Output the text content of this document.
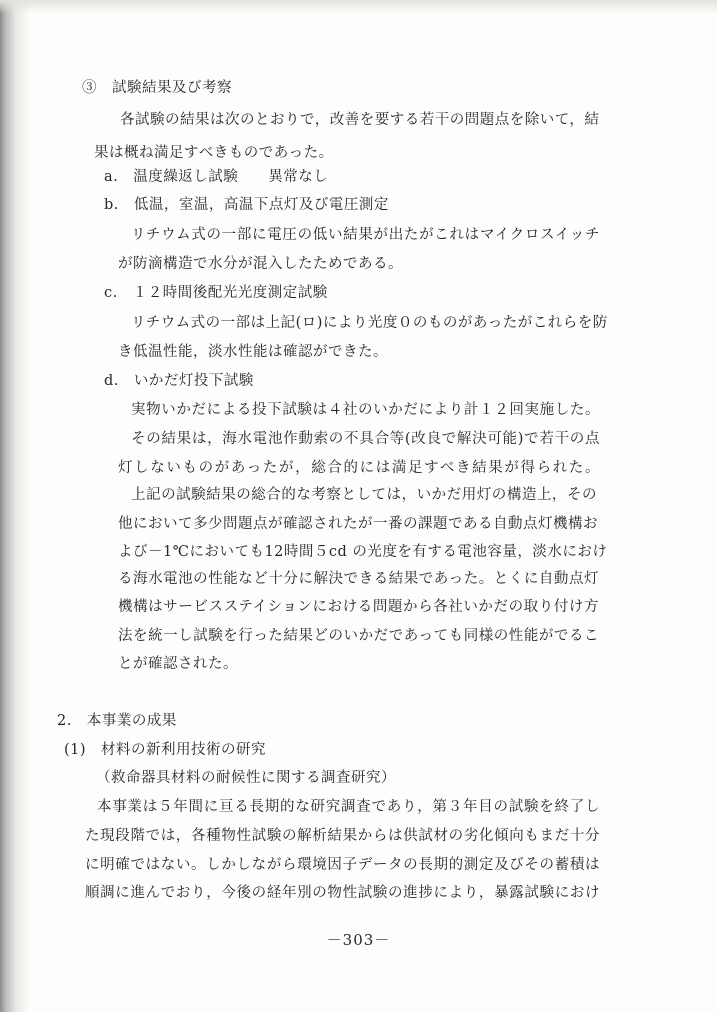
③　試験結果及び考察
各試験の結果は次のとおりで，改善を要する若干の問題点を除いて，結
果は概ね満足すべきものであった。
a.　温度繰返し試験　　異常なし
b.　低温，室温，高温下点灯及び電圧測定
リチウム式の一部に電圧の低い結果が出たがこれはマイクロスイッチ
が防滴構造で水分が混入したためである。
c.　１２時間後配光光度測定試験
リチウム式の一部は上記(ロ)により光度０のものがあったがこれらを防
き低温性能，淡水性能は確認ができた。
d.　いかだ灯投下試験
実物いかだによる投下試験は４社のいかだにより計１２回実施した。
その結果は，海水電池作動索の不具合等(改良で解決可能)で若干の点
灯しないものがあったが，総合的には満足すべき結果が得られた。
上記の試験結果の総合的な考察としては，いかだ用灯の構造上，その
他において多少問題点が確認されたが一番の課題である自動点灯機構お
よび－1℃においても12時間５cd の光度を有する電池容量，淡水におけ
る海水電池の性能など十分に解決できる結果であった。とくに自動点灯
機構はサービスステイションにおける問題から各社いかだの取り付け方
法を統一し試験を行った結果どのいかだであっても同様の性能がでるこ
とが確認された。
2.　本事業の成果
(1)　材料の新利用技術の研究
（救命器具材料の耐候性に関する調査研究）
本事業は５年間に亘る長期的な研究調査であり，第３年目の試験を終了し
た現段階では，各種物性試験の解析結果からは供試材の劣化傾向もまだ十分
に明確ではない。しかしながら環境因子データの長期的測定及びその蓄積は
順調に進んでおり，今後の経年別の物性試験の進捗により，暴露試験におけ
－303－
